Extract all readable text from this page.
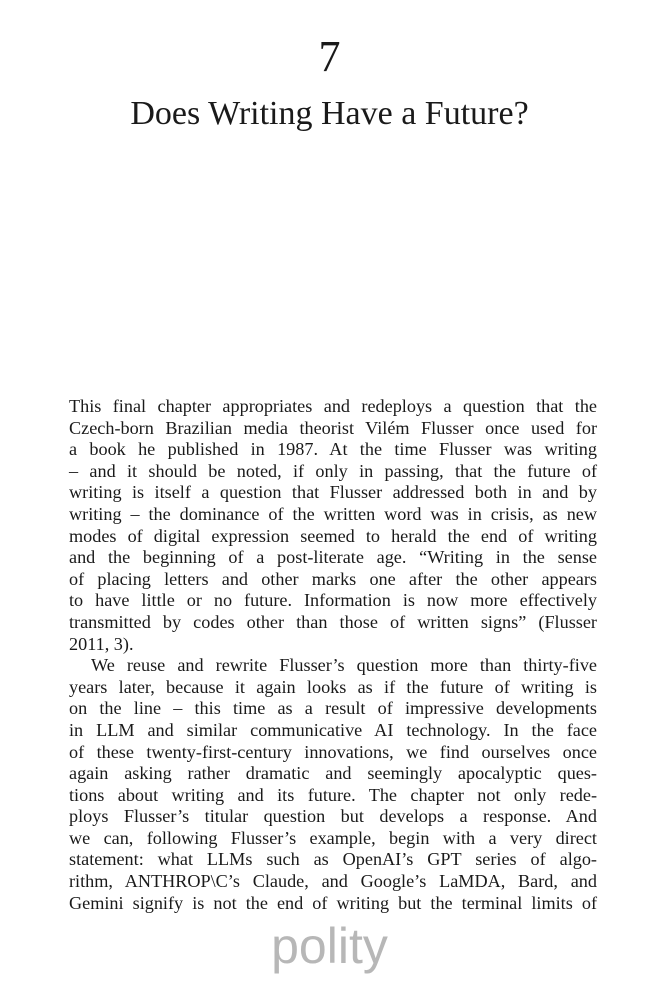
7
Does Writing Have a Future?

This final chapter appropriates and redeploys a question that the
Czech-born Brazilian media theorist Vilém Flusser once used for
a book he published in 1987. At the time Flusser was writing
– and it should be noted, if only in passing, that the future of
writing is itself a question that Flusser addressed both in and by
writing – the dominance of the written word was in crisis, as new
modes of digital expression seemed to herald the end of writing
and the beginning of a post-literate age. “Writing in the sense
of placing letters and other marks one after the other appears
to have little or no future. Information is now more effectively
transmitted by codes other than those of written signs” (Flusser
2011, 3).

We reuse and rewrite Flusser’s question more than thirty-five
years later, because it again looks as if the future of writing is
on the line – this time as a result of impressive developments
in LLM and similar communicative AI technology. In the face
of these twenty-first-century innovations, we find ourselves once
again asking rather dramatic and seemingly apocalyptic ques-
tions about writing and its future. The chapter not only rede-
ploys Flusser’s titular question but develops a response. And
we can, following Flusser’s example, begin with a very direct
statement: what LLMs such as OpenAI’s GPT series of algo-
rithm, ANTHROP\C’s Claude, and Google’s LaMDA, Bard, and
Gemini signify is not the end of writing but the terminal limits of

polity
